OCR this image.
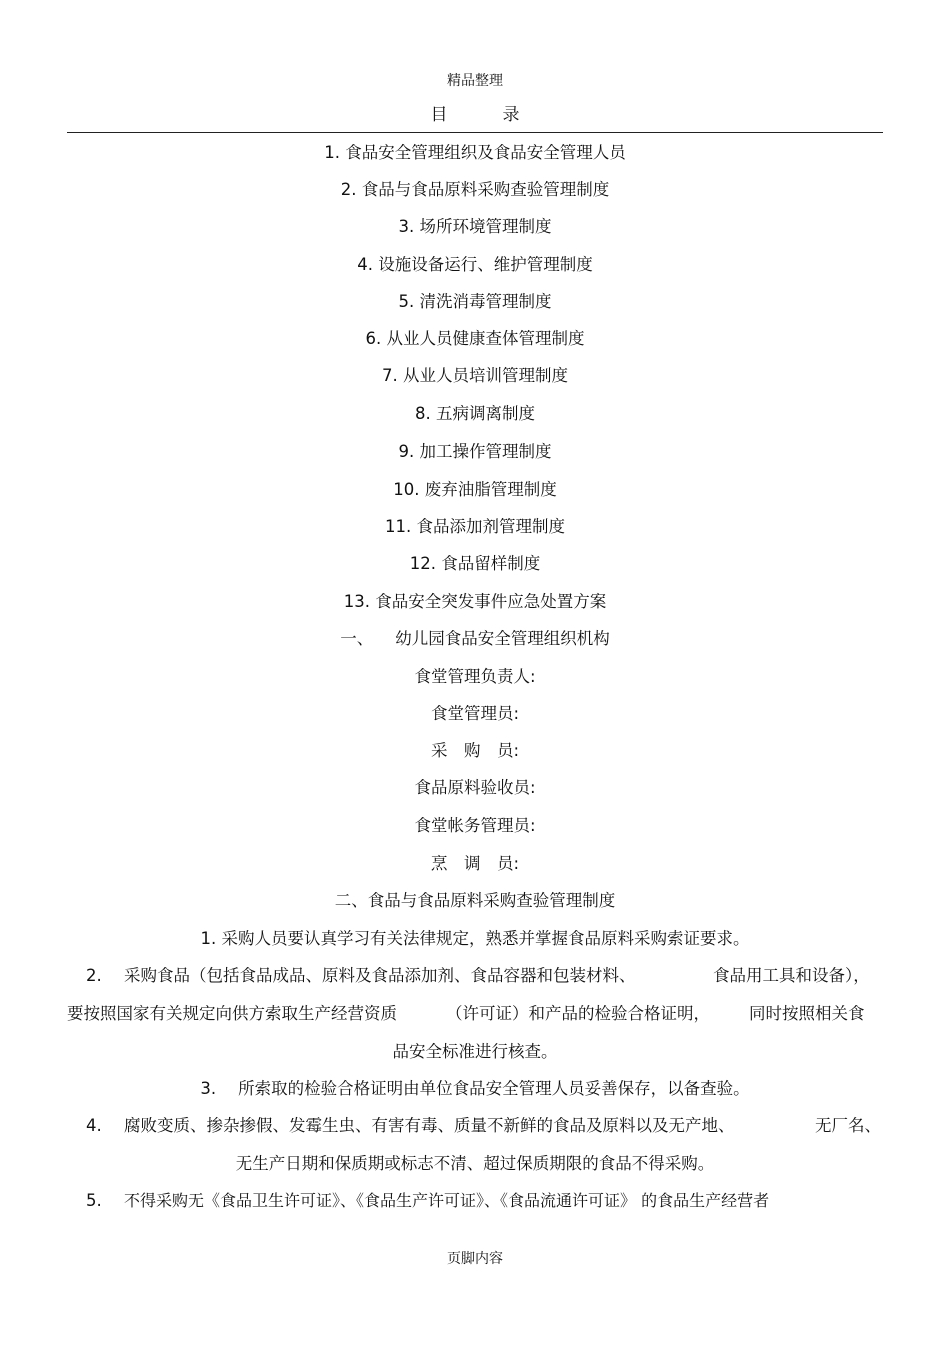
精品整理
目	录
1. 食品安全管理组织及食品安全管理人员
2. 食品与食品原料采购查验管理制度
3. 场所环境管理制度
4. 设施设备运行、维护管理制度
5. 清洗消毒管理制度
6. 从业人员健康查体管理制度
7. 从业人员培训管理制度
8. 五病调离制度
9. 加工操作管理制度
10. 废弃油脂管理制度
11. 食品添加剂管理制度
12. 食品留样制度
13. 食品安全突发事件应急处置方案
一、 幼儿园食品安全管理组织机构
食堂管理负责人:
食堂管理员:
采　购　员:
食品原料验收员:
食堂帐务管理员:
烹　调　员:
二、食品与食品原料采购查验管理制度
1. 采购人员要认真学习有关法律规定，熟悉并掌握食品原料采购索证要求。
2. 采购食品（包括食品成品、原料及食品添加剂、食品容器和包装材料、	食品用工具和设备），
要按照国家有关规定向供方索取生产经营资质	（许可证）和产品的检验合格证明， 同时按照相关食
品安全标准进行核查。
3. 所索取的检验合格证明由单位食品安全管理人员妥善保存，以备查验。
4. 腐败变质、掺杂掺假、发霉生虫、有害有毒、质量不新鲜的食品及原料以及无产地、	无厂名、
无生产日期和保质期或标志不清、超过保质期限的食品不得采购。
5. 不得采购无《食品卫生许可证》、《食品生产许可证》、《食品流通许可证》 的食品生产经营者
页脚内容
